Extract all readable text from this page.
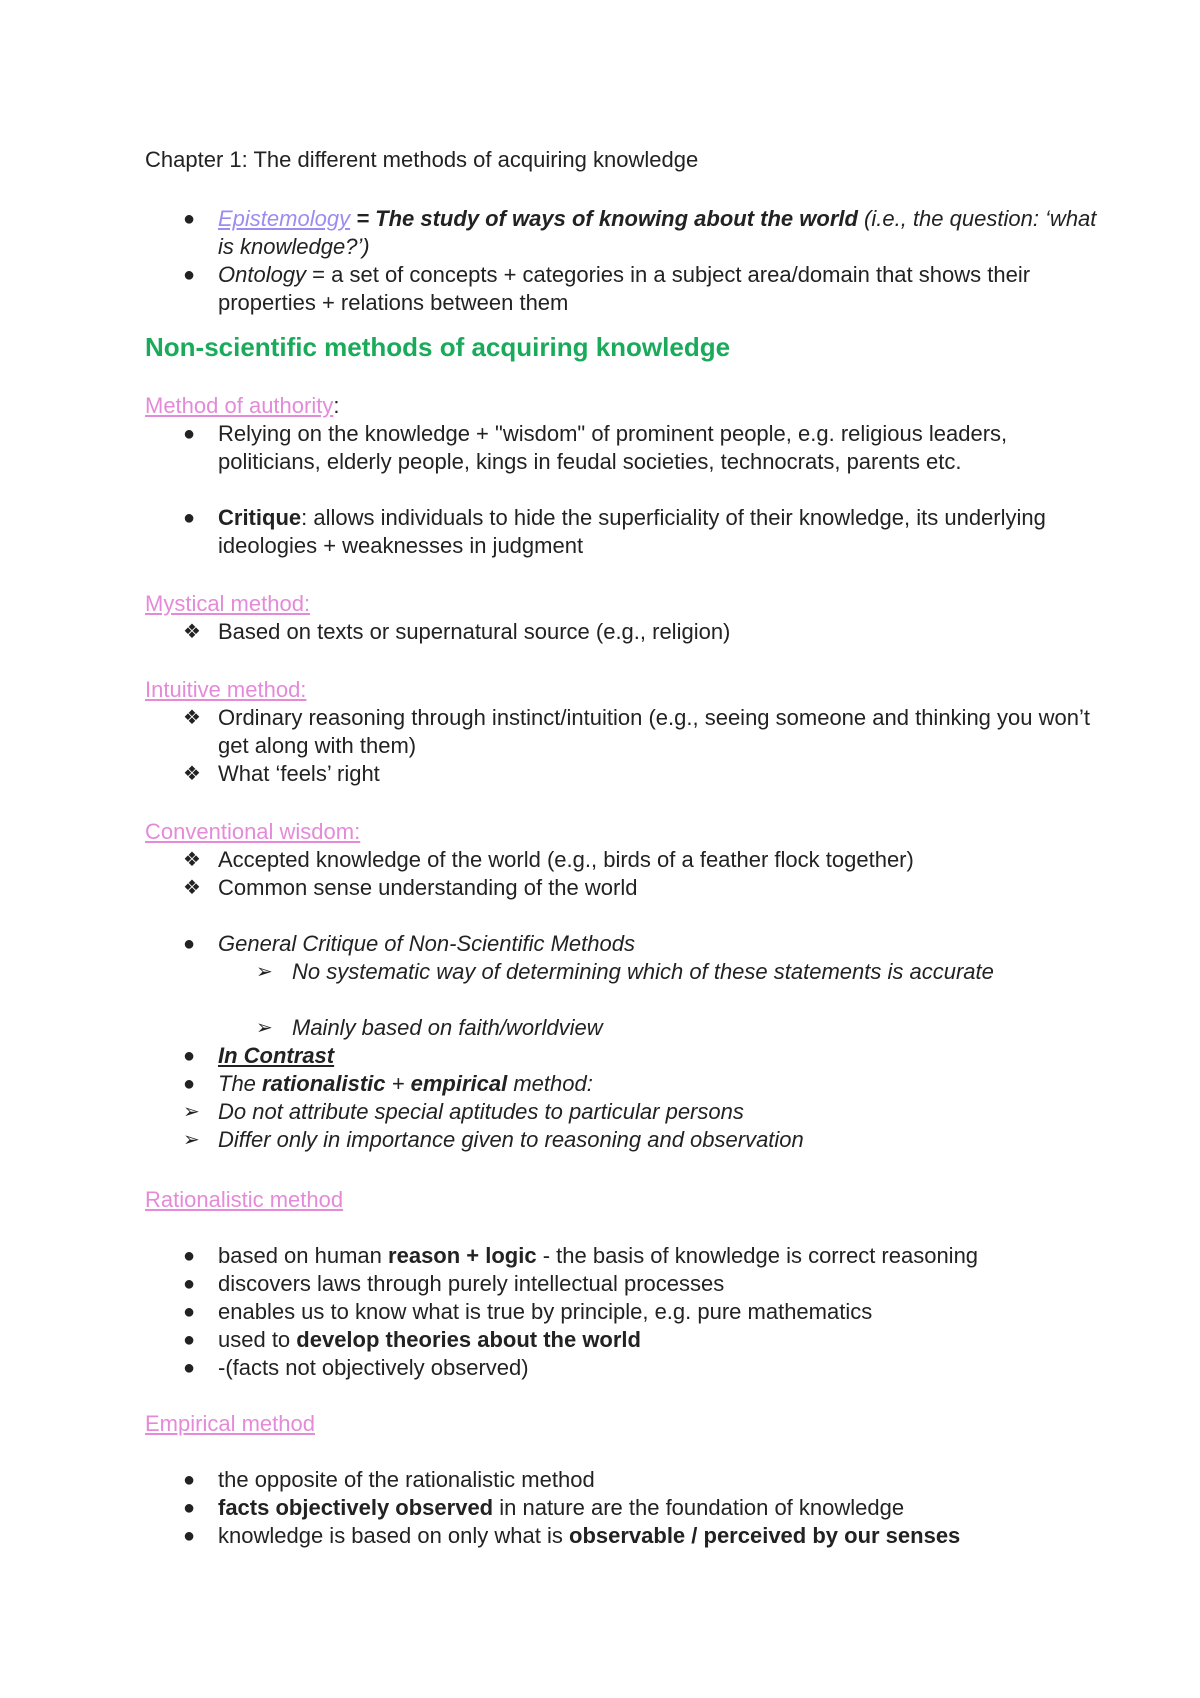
Chapter 1: The different methods of acquiring knowledge

● Epistemology = The study of ways of knowing about the world (i.e., the question: ‘what is knowledge?’)

● Ontology = a set of concepts + categories in a subject area/domain that shows their properties + relations between them

Non-scientific methods of acquiring knowledge

Method of authority:

● Relying on the knowledge + "wisdom" of prominent people, e.g. religious leaders, politicians, elderly people, kings in feudal societies, technocrats, parents etc.

● Critique: allows individuals to hide the superficiality of their knowledge, its underlying ideologies + weaknesses in judgment

Mystical method:

❖ Based on texts or supernatural source (e.g., religion)

Intuitive method:

❖ Ordinary reasoning through instinct/intuition (e.g., seeing someone and thinking you won’t get along with them)

❖ What ‘feels’ right

Conventional wisdom:

❖ Accepted knowledge of the world (e.g., birds of a feather flock together)

❖ Common sense understanding of the world

● General Critique of Non-Scientific Methods

➢ No systematic way of determining which of these statements is accurate

➢ Mainly based on faith/worldview

● In Contrast

● The rationalistic + empirical method:

➢ Do not attribute special aptitudes to particular persons

➢ Differ only in importance given to reasoning and observation

Rationalistic method

● based on human reason + logic - the basis of knowledge is correct reasoning

● discovers laws through purely intellectual processes

● enables us to know what is true by principle, e.g. pure mathematics

● used to develop theories about the world

● -(facts not objectively observed)

Empirical method

● the opposite of the rationalistic method

● facts objectively observed in nature are the foundation of knowledge

● knowledge is based on only what is observable / perceived by our senses
